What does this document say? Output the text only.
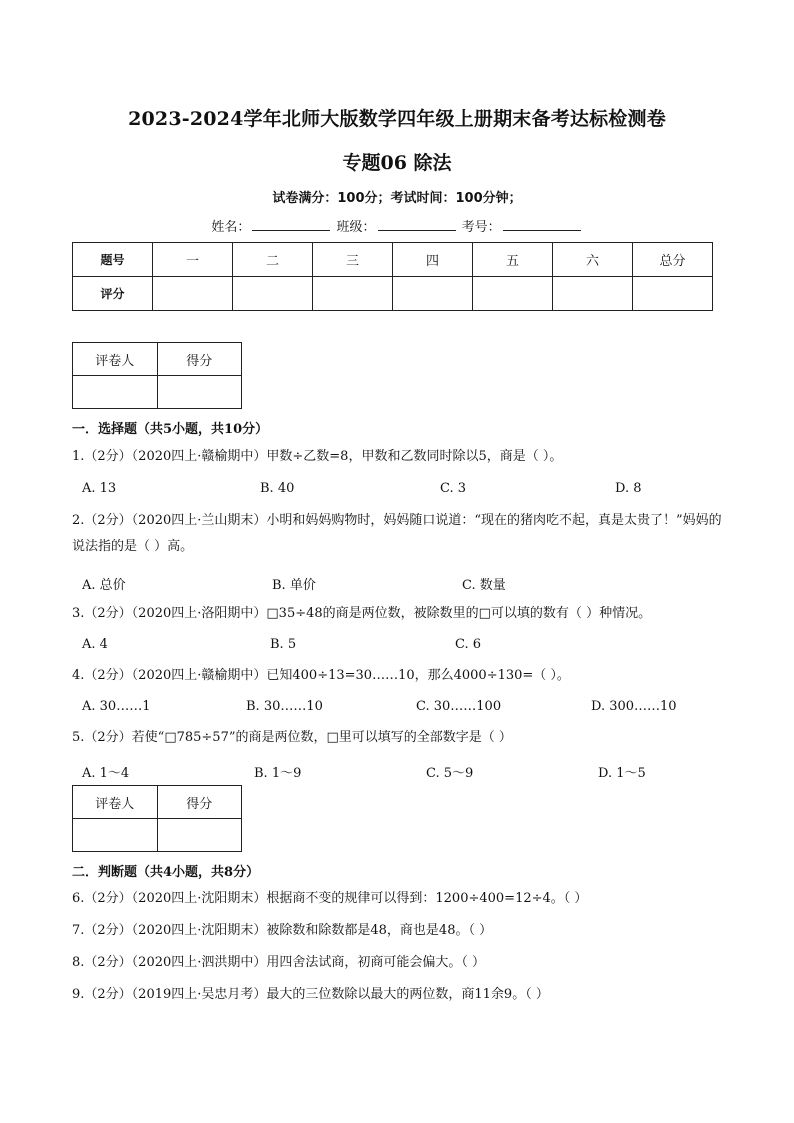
2023-2024学年北师大版数学四年级上册期末备考达标检测卷
专题06 除法
试卷满分：100分；考试时间：100分钟；
姓名：	班级：	考号：
题号	一	二	三	四	五	六	总分
评分							
评卷人	得分

一．选择题（共5小题，共10分）
1.（2分）（2020四上·赣榆期中）甲数÷乙数=8，甲数和乙数同时除以5，商是（ ）。
A. 13	B. 40	C. 3	D. 8
2.（2分）（2020四上·兰山期末）小明和妈妈购物时，妈妈随口说道：“现在的猪肉吃不起，真是太贵了！”妈妈的说法指的是（ ）高。
A. 总价	B. 单价	C. 数量
3.（2分）（2020四上·洛阳期中）□35÷48的商是两位数，被除数里的□可以填的数有（ ）种情况。
A. 4	B. 5	C. 6
4.（2分）（2020四上·赣榆期中）已知400÷13=30……10，那么4000÷130=（ ）。
A. 30……1	B. 30……10	C. 30……100	D. 300……10
5.（2分）若使“□785÷57”的商是两位数，□里可以填写的全部数字是（ ）
A. 1～4	B. 1～9	C. 5～9	D. 1～5
评卷人	得分

二．判断题（共4小题，共8分）
6.（2分）（2020四上·沈阳期末）根据商不变的规律可以得到：1200÷400=12÷4。（ ）
7.（2分）（2020四上·沈阳期末）被除数和除数都是48，商也是48。（ ）
8.（2分）（2020四上·泗洪期中）用四舍法试商，初商可能会偏大。（ ）
9.（2分）（2019四上·吴忠月考）最大的三位数除以最大的两位数，商11余9。（ ）
